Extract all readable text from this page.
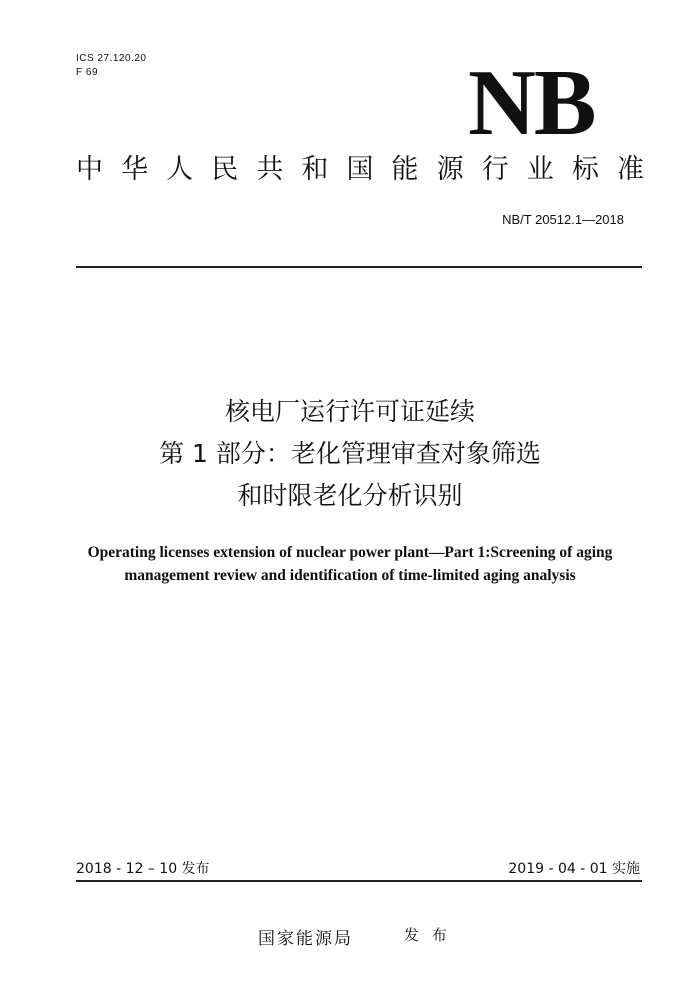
ICS 27.120.20
F 69	NB
中 华 人 民 共 和 国 能 源 行 业 标 准
NB/T 20512.1—2018
核电厂运行许可证延续
第 1 部分：老化管理审查对象筛选
和时限老化分析识别
Operating licenses extension of nuclear power plant—Part 1:Screening of aging
management review and identification of time-limited aging analysis
2018 - 12 – 10 发布	2019 - 04 - 01 实施
国家能源局	发 布
